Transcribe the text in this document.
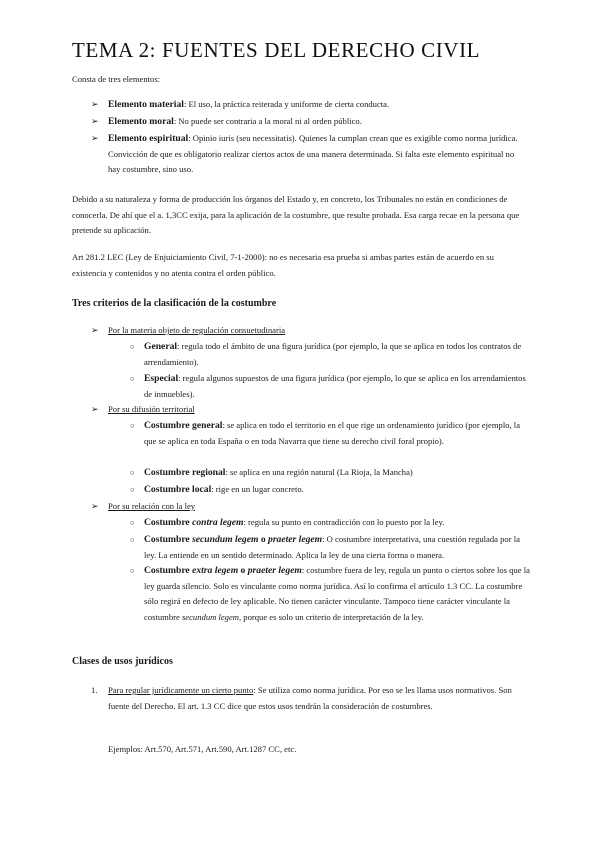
TEMA 2: FUENTES DEL DERECHO CIVIL

Consta de tres elementos:

➢ Elemento material: El uso, la práctica reiterada y uniforme de cierta conducta.

➢ Elemento moral: No puede ser contraria a la moral ni al orden público.

➢ Elemento espiritual: Opinio iuris (seu necessitatis). Quienes la cumplan crean que es exigible como norma jurídica. Convicción de que es obligatorio realizar ciertos actos de una manera determinada. Si falta este elemento espiritual no hay costumbre, sino uso.

Debido a su naturaleza y forma de producción los órganos del Estado y, en concreto, los Tribunales no están en condiciones de conocerla. De ahí que el a. 1,3CC exija, para la aplicación de la costumbre, que resulte probada. Esa carga recae en la persona que pretende su aplicación.

Art 281.2 LEC (Ley de Enjuiciamiento Civil, 7-1-2000): no es necesaria esa prueba si ambas partes están de acuerdo en su existencia y contenidos y no atenta contra el orden público.

Tres criterios de la clasificación de la costumbre
➢ Por la materia objeto de regulación consuetudinaria

○ General: regula todo el ámbito de una figura jurídica (por ejemplo, la que se aplica en todos los contratos de arrendamiento).

○ Especial: regula algunos supuestos de una figura jurídica (por ejemplo, lo que se aplica en los arrendamientos de inmuebles).

➢ Por su difusión territorial

○ Costumbre general: se aplica en todo el territorio en el que rige un ordenamiento jurídico (por ejemplo, la que se aplica en toda España o en toda Navarra que tiene su derecho civil foral propio).

○ Costumbre regional: se aplica en una región natural (La Rioja, la Mancha)

○ Costumbre local: rige en un lugar concreto.

➢ Por su relación con la ley

○ Costumbre contra legem: regula su punto en contradicción con lo puesto por la ley.

○ Costumbre secundum legem o praeter legem: O costumbre interpretativa, una cuestión regulada por la ley. La entiende en un sentido determinado. Aplica la ley de una cierta forma o manera.

○ Costumbre extra legem o praeter legem: costumbre fuera de ley, regula un punto o ciertos sobre los que la ley guarda silencio. Solo es vinculante como norma jurídica. Así lo confirma el artículo 1.3 CC. La costumbre sólo regirá en defecto de ley aplicable. No tienen carácter vinculante. Tampoco tiene carácter vinculante la costumbre secundum legem, porque es solo un criterio de interpretación de la ley.

Clases de usos jurídicos
1. Para regular jurídicamente un cierto punto: Se utiliza como norma jurídica. Por eso se les llama usos normativos. Son fuente del Derecho. El art. 1.3 CC dice que estos usos tendrán la consideración de costumbres.

Ejemplos: Art.570, Art.571, Art.590, Art.1287 CC, etc.
